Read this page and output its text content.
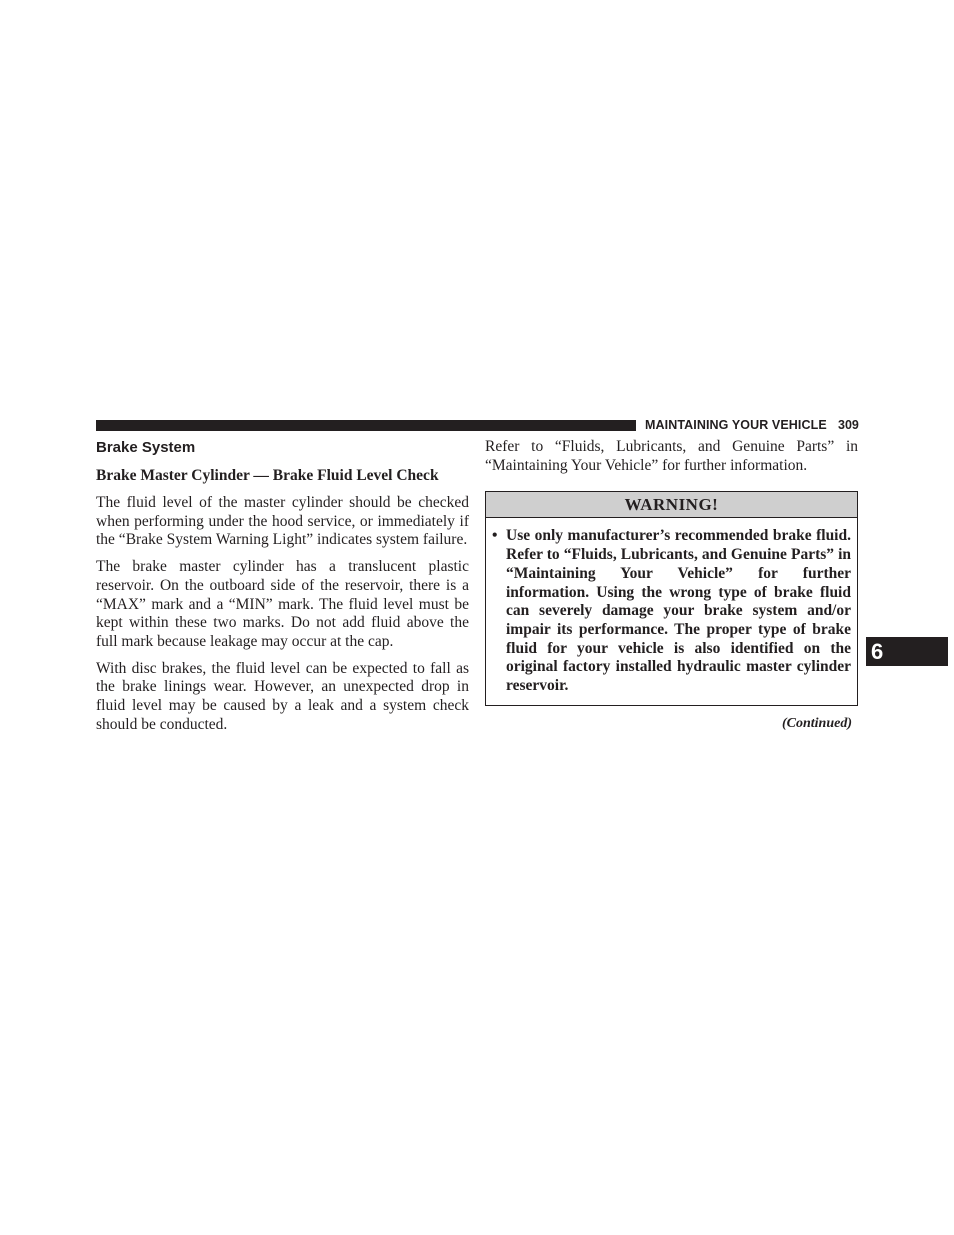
MAINTAINING YOUR VEHICLE 309
6
Brake System
Brake Master Cylinder — Brake Fluid Level Check

The fluid level of the master cylinder should be checked when performing under the hood service, or immediately if the “Brake System Warning Light” indicates system failure.

The brake master cylinder has a translucent plastic reservoir. On the outboard side of the reservoir, there is a “MAX” mark and a “MIN” mark. The fluid level must be kept within these two marks. Do not add fluid above the full mark because leakage may occur at the cap.

With disc brakes, the fluid level can be expected to fall as the brake linings wear. However, an unexpected drop in fluid level may be caused by a leak and a system check should be conducted.

Refer to “Fluids, Lubricants, and Genuine Parts” in “Maintaining Your Vehicle” for further information.

WARNING!
• Use only manufacturer’s recommended brake fluid. Refer to “Fluids, Lubricants, and Genuine Parts” in “Maintaining Your Vehicle” for further information. Using the wrong type of brake fluid can severely damage your brake system and/or impair its performance. The proper type of brake fluid for your vehicle is also identified on the original factory installed hydraulic master cylinder reservoir.
(Continued)
